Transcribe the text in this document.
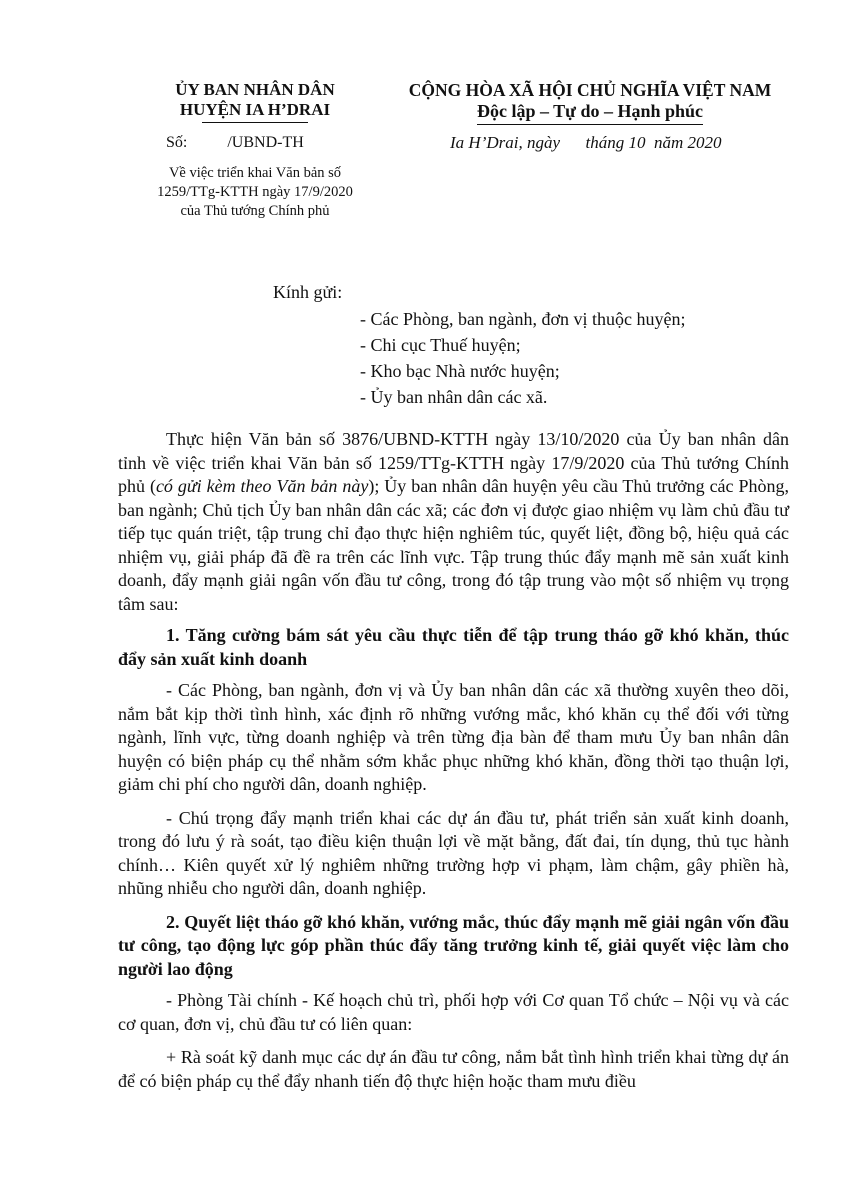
ỦY BAN NHÂN DÂN
HUYỆN IA H’DRAI
CỘNG HÒA XÃ HỘI CHỦ NGHĨA VIỆT NAM
Độc lập – Tự do – Hạnh phúc
Số:	/UBND-TH	Ia H’Drai, ngày      tháng 10  năm 2020
Về việc triển khai Văn bản số
1259/TTg-KTTH ngày 17/9/2020
của Thủ tướng Chính phủ
Kính gửi:
- Các Phòng, ban ngành, đơn vị thuộc huyện;
- Chi cục Thuế huyện;
- Kho bạc Nhà nước huyện;
- Ủy ban nhân dân các xã.

Thực hiện Văn bản số 3876/UBND-KTTH ngày 13/10/2020 của Ủy ban nhân dân tỉnh về việc triển khai Văn bản số 1259/TTg-KTTH ngày 17/9/2020 của Thủ tướng Chính phủ (có gửi kèm theo Văn bản này); Ủy ban nhân dân huyện yêu cầu Thủ trưởng các Phòng, ban ngành; Chủ tịch Ủy ban nhân dân các xã; các đơn vị được giao nhiệm vụ làm chủ đầu tư tiếp tục quán triệt, tập trung chỉ đạo thực hiện nghiêm túc, quyết liệt, đồng bộ, hiệu quả các nhiệm vụ, giải pháp đã đề ra trên các lĩnh vực. Tập trung thúc đẩy mạnh mẽ sản xuất kinh doanh, đẩy mạnh giải ngân vốn đầu tư công, trong đó tập trung vào một số nhiệm vụ trọng tâm sau:

1. Tăng cường bám sát yêu cầu thực tiễn để tập trung tháo gỡ khó khăn, thúc đẩy sản xuất kinh doanh

- Các Phòng, ban ngành, đơn vị và Ủy ban nhân dân các xã thường xuyên theo dõi, nắm bắt kịp thời tình hình, xác định rõ những vướng mắc, khó khăn cụ thể đối với từng ngành, lĩnh vực, từng doanh nghiệp và trên từng địa bàn để tham mưu Ủy ban nhân dân huyện có biện pháp cụ thể nhằm sớm khắc phục những khó khăn, đồng thời tạo thuận lợi, giảm chi phí cho người dân, doanh nghiệp.

- Chú trọng đẩy mạnh triển khai các dự án đầu tư, phát triển sản xuất kinh doanh, trong đó lưu ý rà soát, tạo điều kiện thuận lợi về mặt bằng, đất đai, tín dụng, thủ tục hành chính… Kiên quyết xử lý nghiêm những trường hợp vi phạm, làm chậm, gây phiền hà, nhũng nhiễu cho người dân, doanh nghiệp.

2. Quyết liệt tháo gỡ khó khăn, vướng mắc, thúc đẩy mạnh mẽ giải ngân vốn đầu tư công, tạo động lực góp phần thúc đẩy tăng trưởng kinh tế, giải quyết việc làm cho người lao động

- Phòng Tài chính - Kế hoạch chủ trì, phối hợp với Cơ quan Tổ chức – Nội vụ và các cơ quan, đơn vị, chủ đầu tư có liên quan:

+ Rà soát kỹ danh mục các dự án đầu tư công, nắm bắt tình hình triển khai từng dự án để có biện pháp cụ thể đẩy nhanh tiến độ thực hiện hoặc tham mưu điều
